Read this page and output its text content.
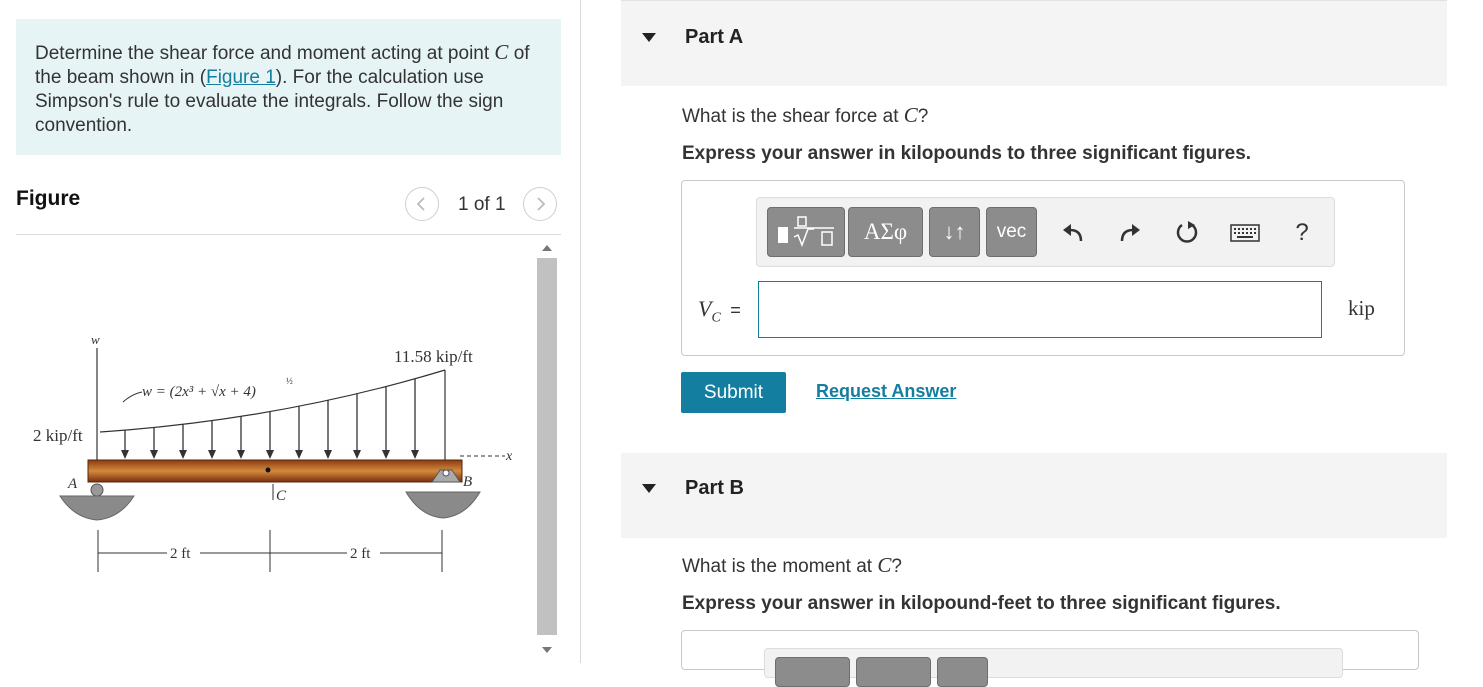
Determine the shear force and moment acting at point C of the beam shown in (Figure 1). For the calculation use Simpson's rule to evaluate the integrals. Follow the sign convention.
Figure	1 of 1
w
11.58 kip/ft
2 kip/ft
w = (2x³ + √x + 4)
½
x
A	B
C
2 ft	2 ft
Part A
What is the shear force at C?
Express your answer in kilopounds to three significant figures.
ΑΣφ	↓↑	vec	?
$V_C$ =	kip
Submit	Request Answer
Part B
What is the moment at C?
Express your answer in kilopound-feet to three significant figures.
